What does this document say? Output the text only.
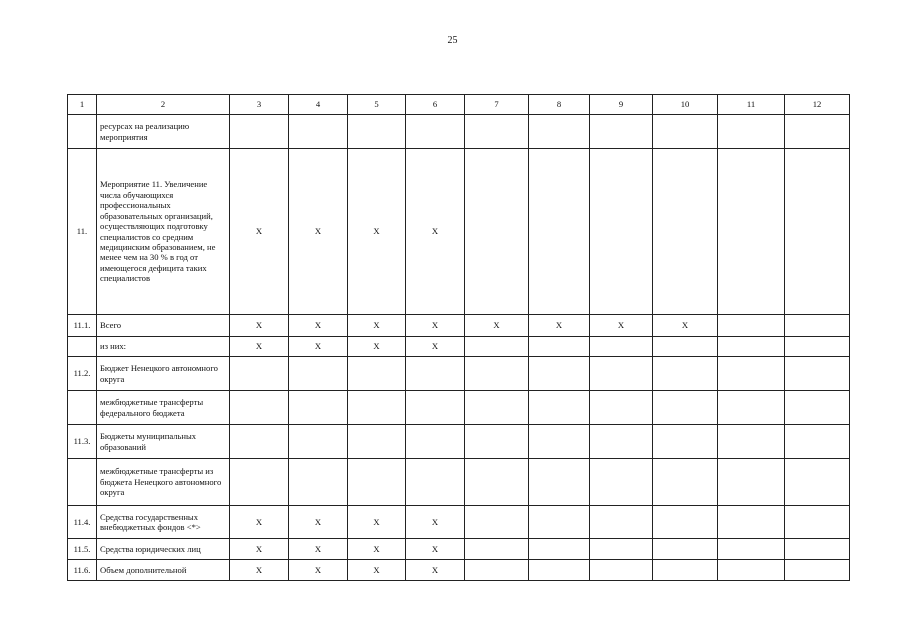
25
1	2	3	4	5	6	7	8	9	10	11	12
	ресурсах на реализацию мероприятия										
11.	Мероприятие 11. Увеличение числа обучающихся профессиональных образовательных организаций, осуществляющих подготовку специалистов со средним медицинским образованием, не менее чем на 30 % в год от имеющегося дефицита таких специалистов	X	X	X	X						
11.1.	Всего	X	X	X	X	X	X	X	X		
	из них:	X	X	X	X						
11.2.	Бюджет Ненецкого автономного округа										
	межбюджетные трансферты федерального бюджета										
11.3.	Бюджеты муниципальных образований										
	межбюджетные трансферты из бюджета Ненецкого автономного округа										
11.4.	Средства государственных внебюджетных фондов <*>	X	X	X	X						
11.5.	Средства юридических лиц	X	X	X	X						
11.6.	Объем дополнительной	X	X	X	X						
